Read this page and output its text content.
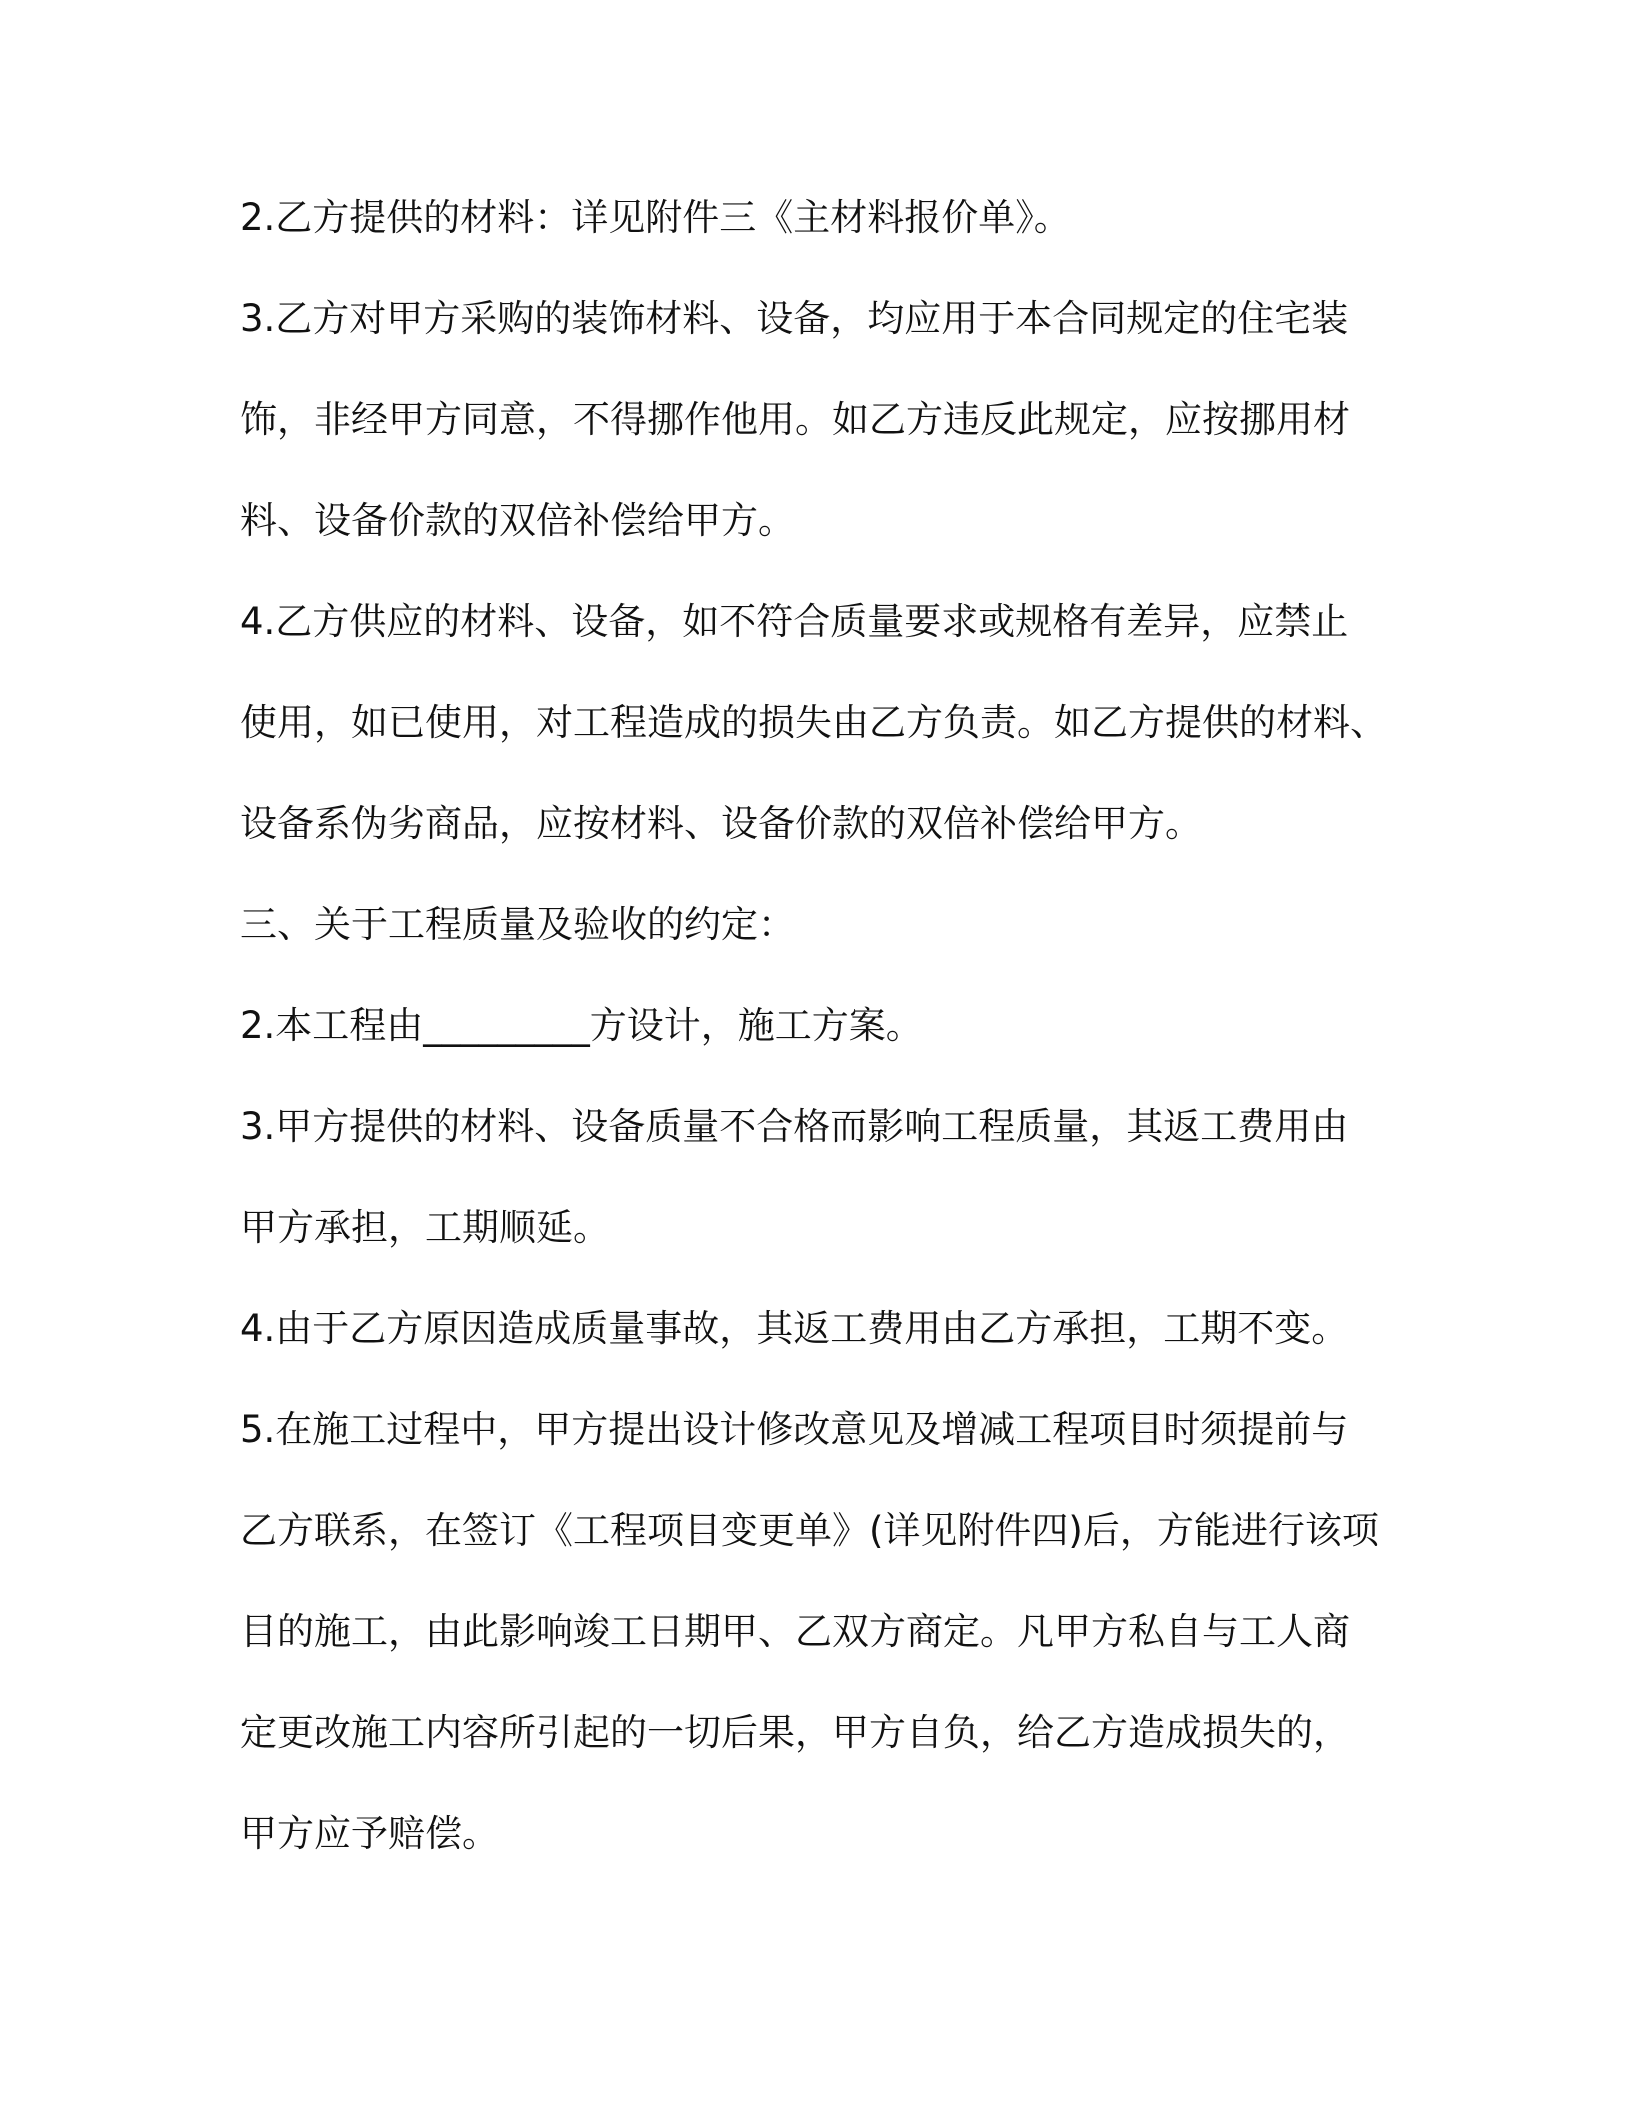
2.乙方提供的材料：详见附件三《主材料报价单》。
3.乙方对甲方采购的装饰材料、设备，均应用于本合同规定的住宅装
饰，非经甲方同意，不得挪作他用。如乙方违反此规定，应按挪用材
料、设备价款的双倍补偿给甲方。
4.乙方供应的材料、设备，如不符合质量要求或规格有差异，应禁止
使用，如已使用，对工程造成的损失由乙方负责。如乙方提供的材料、
设备系伪劣商品，应按材料、设备价款的双倍补偿给甲方。
三、关于工程质量及验收的约定：
2.本工程由_________方设计，施工方案。
3.甲方提供的材料、设备质量不合格而影响工程质量，其返工费用由
甲方承担，工期顺延。
4.由于乙方原因造成质量事故，其返工费用由乙方承担，工期不变。
5.在施工过程中，甲方提出设计修改意见及增减工程项目时须提前与
乙方联系，在签订《工程项目变更单》(详见附件四)后，方能进行该项
目的施工，由此影响竣工日期甲、乙双方商定。凡甲方私自与工人商
定更改施工内容所引起的一切后果，甲方自负，给乙方造成损失的，
甲方应予赔偿。
